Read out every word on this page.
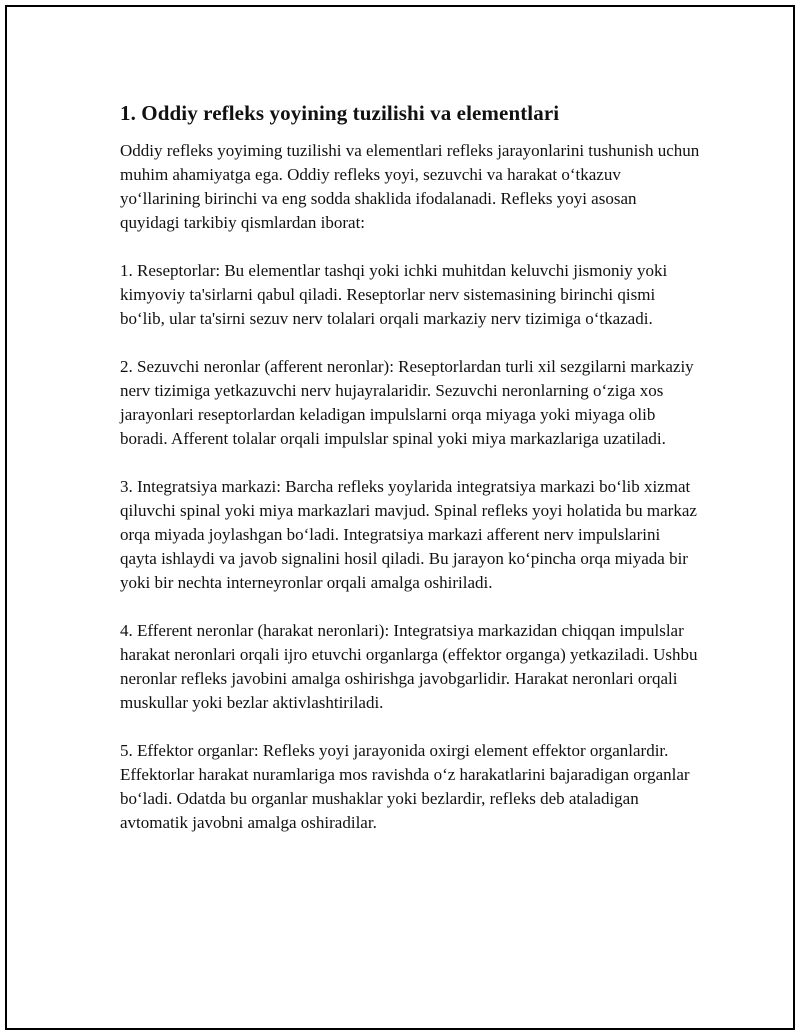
1. Oddiy refleks yoyining tuzilishi va elementlari

Oddiy refleks yoyiming tuzilishi va elementlari refleks jarayonlarini tushunish uchun muhim ahamiyatga ega. Oddiy refleks yoyi, sezuvchi va harakat o‘tkazuv yo‘llarining birinchi va eng sodda shaklida ifodalanadi. Refleks yoyi asosan quyidagi tarkibiy qismlardan iborat:

1. Reseptorlar: Bu elementlar tashqi yoki ichki muhitdan keluvchi jismoniy yoki kimyoviy ta'sirlarni qabul qiladi. Reseptorlar nerv sistemasining birinchi qismi bo‘lib, ular ta'sirni sezuv nerv tolalari orqali markaziy nerv tizimiga o‘tkazadi.

2. Sezuvchi neronlar (afferent neronlar): Reseptorlardan turli xil sezgilarni markaziy nerv tizimiga yetkazuvchi nerv hujayralaridir. Sezuvchi neronlarning o‘ziga xos jarayonlari reseptorlardan keladigan impulslarni orqa miyaga yoki miyaga olib boradi. Afferent tolalar orqali impulslar spinal yoki miya markazlariga uzatiladi.

3. Integratsiya markazi: Barcha refleks yoylarida integratsiya markazi bo‘lib xizmat qiluvchi spinal yoki miya markazlari mavjud. Spinal refleks yoyi holatida bu markaz orqa miyada joylashgan bo‘ladi. Integratsiya markazi afferent nerv impulslarini qayta ishlaydi va javob signalini hosil qiladi. Bu jarayon ko‘pincha orqa miyada bir yoki bir nechta interneyronlar orqali amalga oshiriladi.

4. Efferent neronlar (harakat neronlari): Integratsiya markazidan chiqqan impulslar harakat neronlari orqali ijro etuvchi organlarga (effektor organga) yetkaziladi. Ushbu neronlar refleks javobini amalga oshirishga javobgarlidir. Harakat neronlari orqali muskullar yoki bezlar aktivlashtiriladi.

5. Effektor organlar: Refleks yoyi jarayonida oxirgi element effektor organlardir. Effektorlar harakat nuramlariga mos ravishda o‘z harakatlarini bajaradigan organlar bo‘ladi. Odatda bu organlar mushaklar yoki bezlardir, refleks deb ataladigan avtomatik javobni amalga oshiradilar.
